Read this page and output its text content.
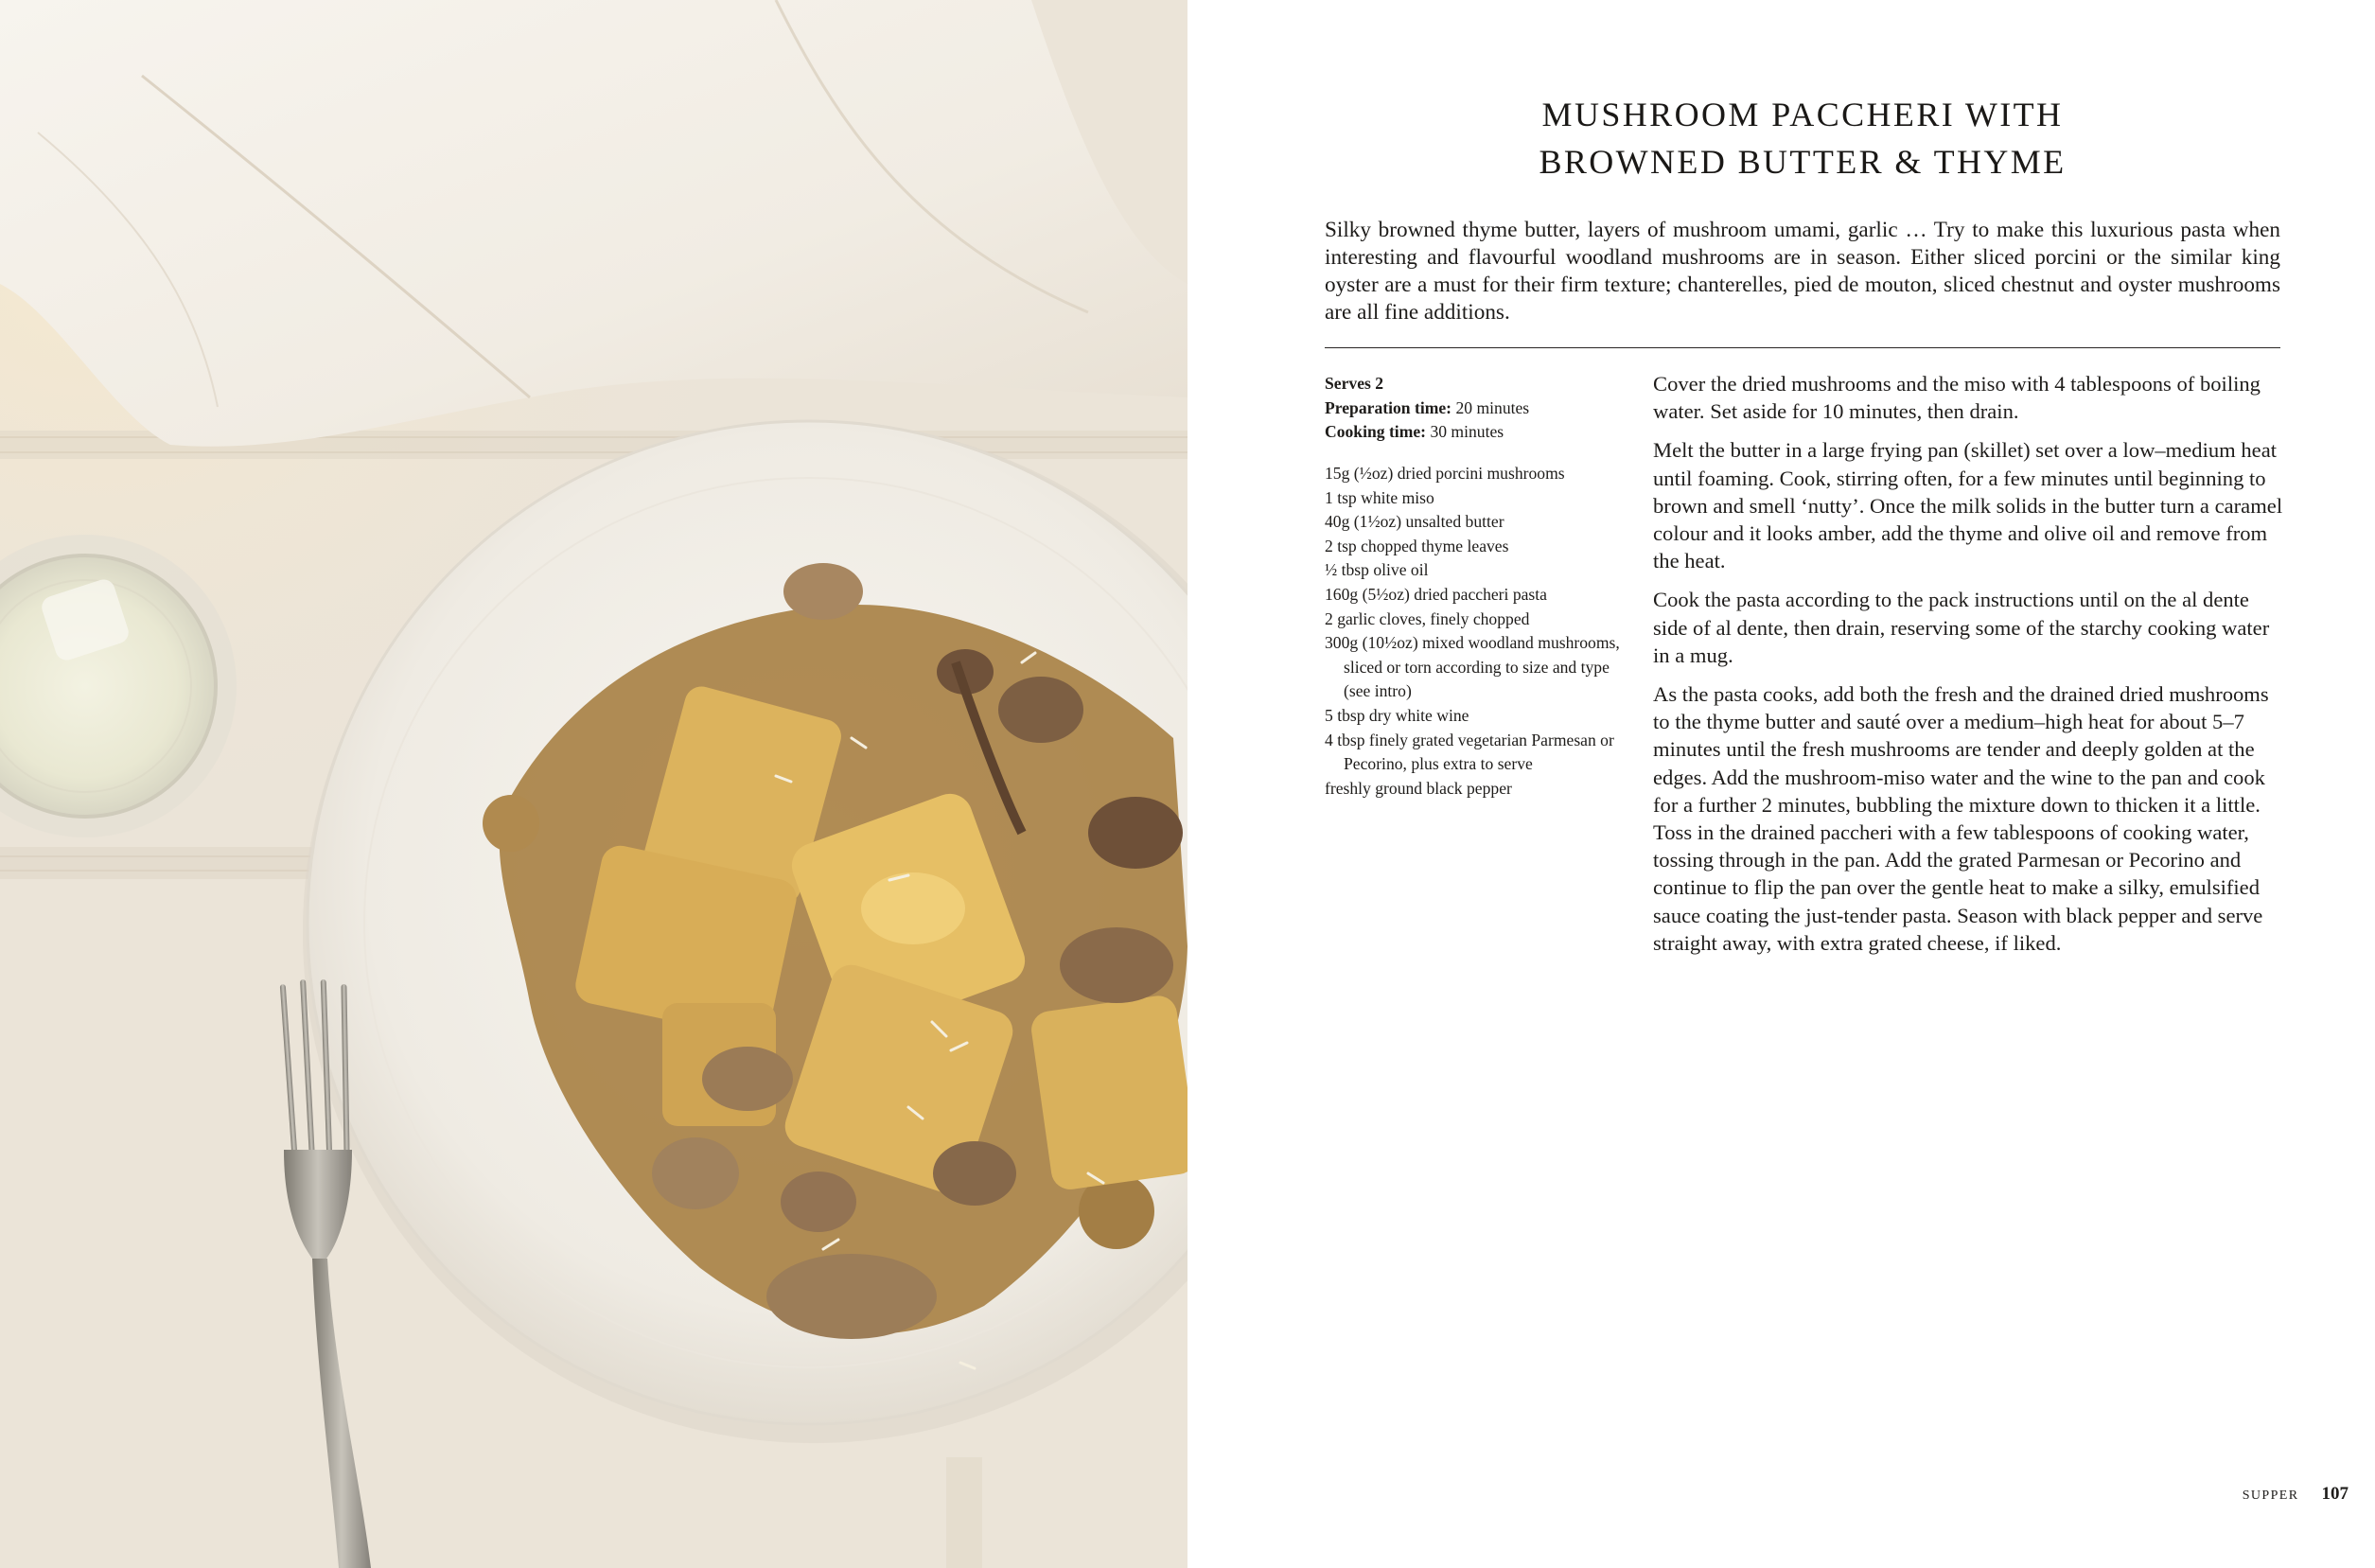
MUSHROOM PACCHERI WITH
BROWNED BUTTER & THYME

Silky browned thyme butter, layers of mushroom umami, garlic … Try to make this luxurious pasta when interesting and flavourful woodland mushrooms are in season. Either sliced porcini or the similar king oyster are a must for their firm texture; chanterelles, pied de mouton, sliced chestnut and oyster mushrooms are all fine additions.

Serves 2
Preparation time: 20 minutes
Cooking time: 30 minutes
15g (½oz) dried porcini mushrooms
1 tsp white miso
40g (1½oz) unsalted butter
2 tsp chopped thyme leaves
½ tbsp olive oil
160g (5½oz) dried paccheri pasta
2 garlic cloves, finely chopped
300g (10½oz) mixed woodland mushrooms, sliced or torn according to size and type (see intro)
5 tbsp dry white wine
4 tbsp finely grated vegetarian Parmesan or Pecorino, plus extra to serve
freshly ground black pepper

Cover the dried mushrooms and the miso with 4 tablespoons of boiling water. Set aside for 10 minutes, then drain.

Melt the butter in a large frying pan (skillet) set over a low–medium heat until foaming. Cook, stirring often, for a few minutes until beginning to brown and smell ‘nutty’. Once the milk solids in the butter turn a caramel colour and it looks amber, add the thyme and olive oil and remove from the heat.

Cook the pasta according to the pack instructions until on the al dente side of al dente, then drain, reserving some of the starchy cooking water in a mug.

As the pasta cooks, add both the fresh and the drained dried mushrooms to the thyme butter and sauté over a medium–high heat for about 5–7 minutes until the fresh mushrooms are tender and deeply golden at the edges. Add the mushroom-miso water and the wine to the pan and cook for a further 2 minutes, bubbling the mixture down to thicken it a little. Toss in the drained paccheri with a few tablespoons of cooking water, tossing through in the pan. Add the grated Parmesan or Pecorino and continue to flip the pan over the gentle heat to make a silky, emulsified sauce coating the just-tender pasta. Season with black pepper and serve straight away, with extra grated cheese, if liked.

SUPPER 107
